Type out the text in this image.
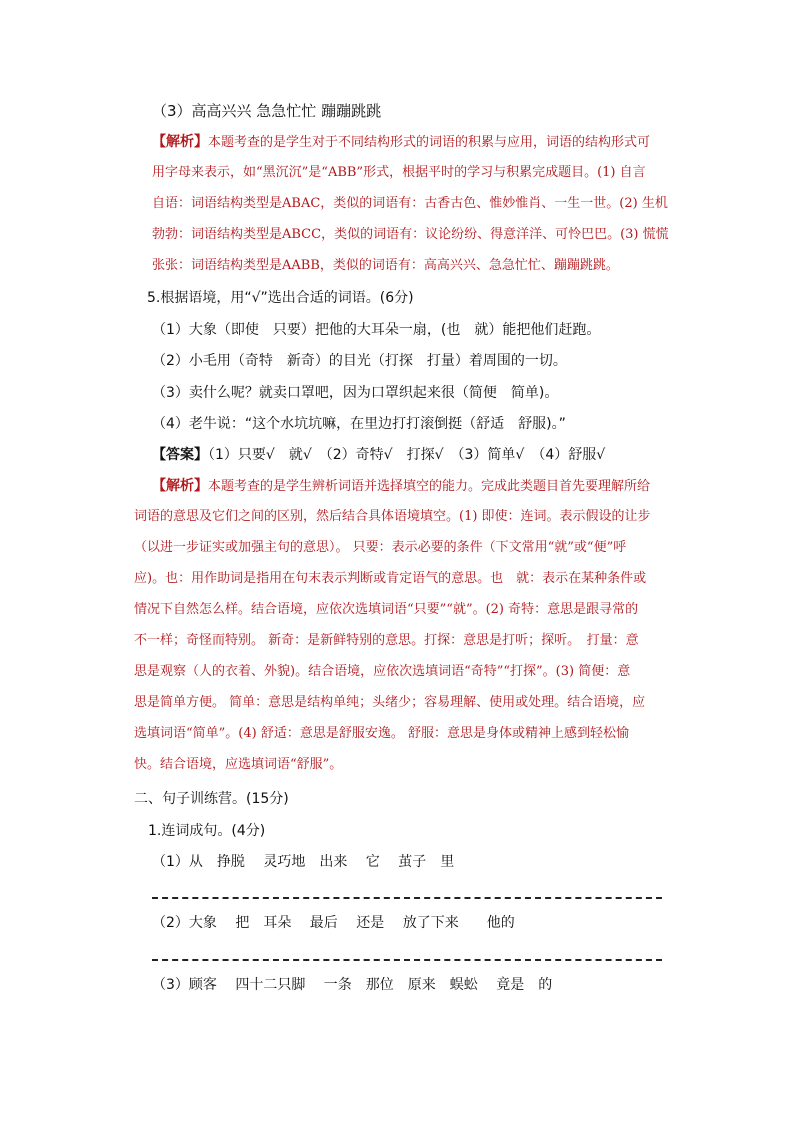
（3）高高兴兴 急急忙忙 蹦蹦跳跳
【解析】本题考查的是学生对于不同结构形式的词语的积累与应用，词语的结构形式可
用字母来表示，如“黑沉沉”是“ABB”形式，根据平时的学习与积累完成题目。(1) 自言
自语：词语结构类型是ABAC，类似的词语有：古香古色、惟妙惟肖、一生一世。(2) 生机
勃勃：词语结构类型是ABCC，类似的词语有：议论纷纷、得意洋洋、可怜巴巴。(3) 慌慌
张张：词语结构类型是AABB，类似的词语有：高高兴兴、急急忙忙、蹦蹦跳跳。
5.根据语境，用“√”选出合适的词语。(6分)
（1）大象（即使　只要）把他的大耳朵一扇，(也　就）能把他们赶跑。
（2）小毛用（奇特　新奇）的目光（打探　打量）着周围的一切。
（3）卖什么呢？就卖口罩吧，因为口罩织起来很（简便　简单)。
（4）老牛说：“这个水坑坑嘛，在里边打打滚倒挺（舒适　舒服)。”
【答案】（1）只要√　就√　（2）奇特√　打探√　（3）简单√　（4）舒服√
【解析】本题考查的是学生辨析词语并选择填空的能力。完成此类题目首先要理解所给
词语的意思及它们之间的区别，然后结合具体语境填空。(1) 即使：连词。表示假设的让步
（以进一步证实或加强主句的意思）。 只要：表示必要的条件（下文常用“就”或“便”呼
应)。也：用作助词是指用在句末表示判断或肯定语气的意思。也　就：表示在某种条件或
情况下自然怎么样。结合语境，应依次选填词语“只要”“就”。(2) 奇特：意思是跟寻常的
不一样；奇怪而特别。 新奇：是新鲜特别的意思。打探：意思是打听；探听。　打量：意
思是观察（人的衣着、外貌)。结合语境，应依次选填词语“奇特”“打探”。(3) 简便：意
思是简单方便。 简单：意思是结构单纯；头绪少；容易理解、使用或处理。结合语境，应
选填词语“简单”。(4) 舒适：意思是舒服安逸。 舒服：意思是身体或精神上感到轻松愉
快。结合语境，应选填词语“舒服”。
二、句子训练营。(15分)
1.连词成句。(4分)
（1）从　挣脱　 灵巧地　出来　 它　 茧子　里
（2）大象　 把　耳朵　 最后　 还是　 放了下来　　他的
（3）顾客　 四十二只脚　 一条　那位　原来　蜈蚣　 竟是　的
